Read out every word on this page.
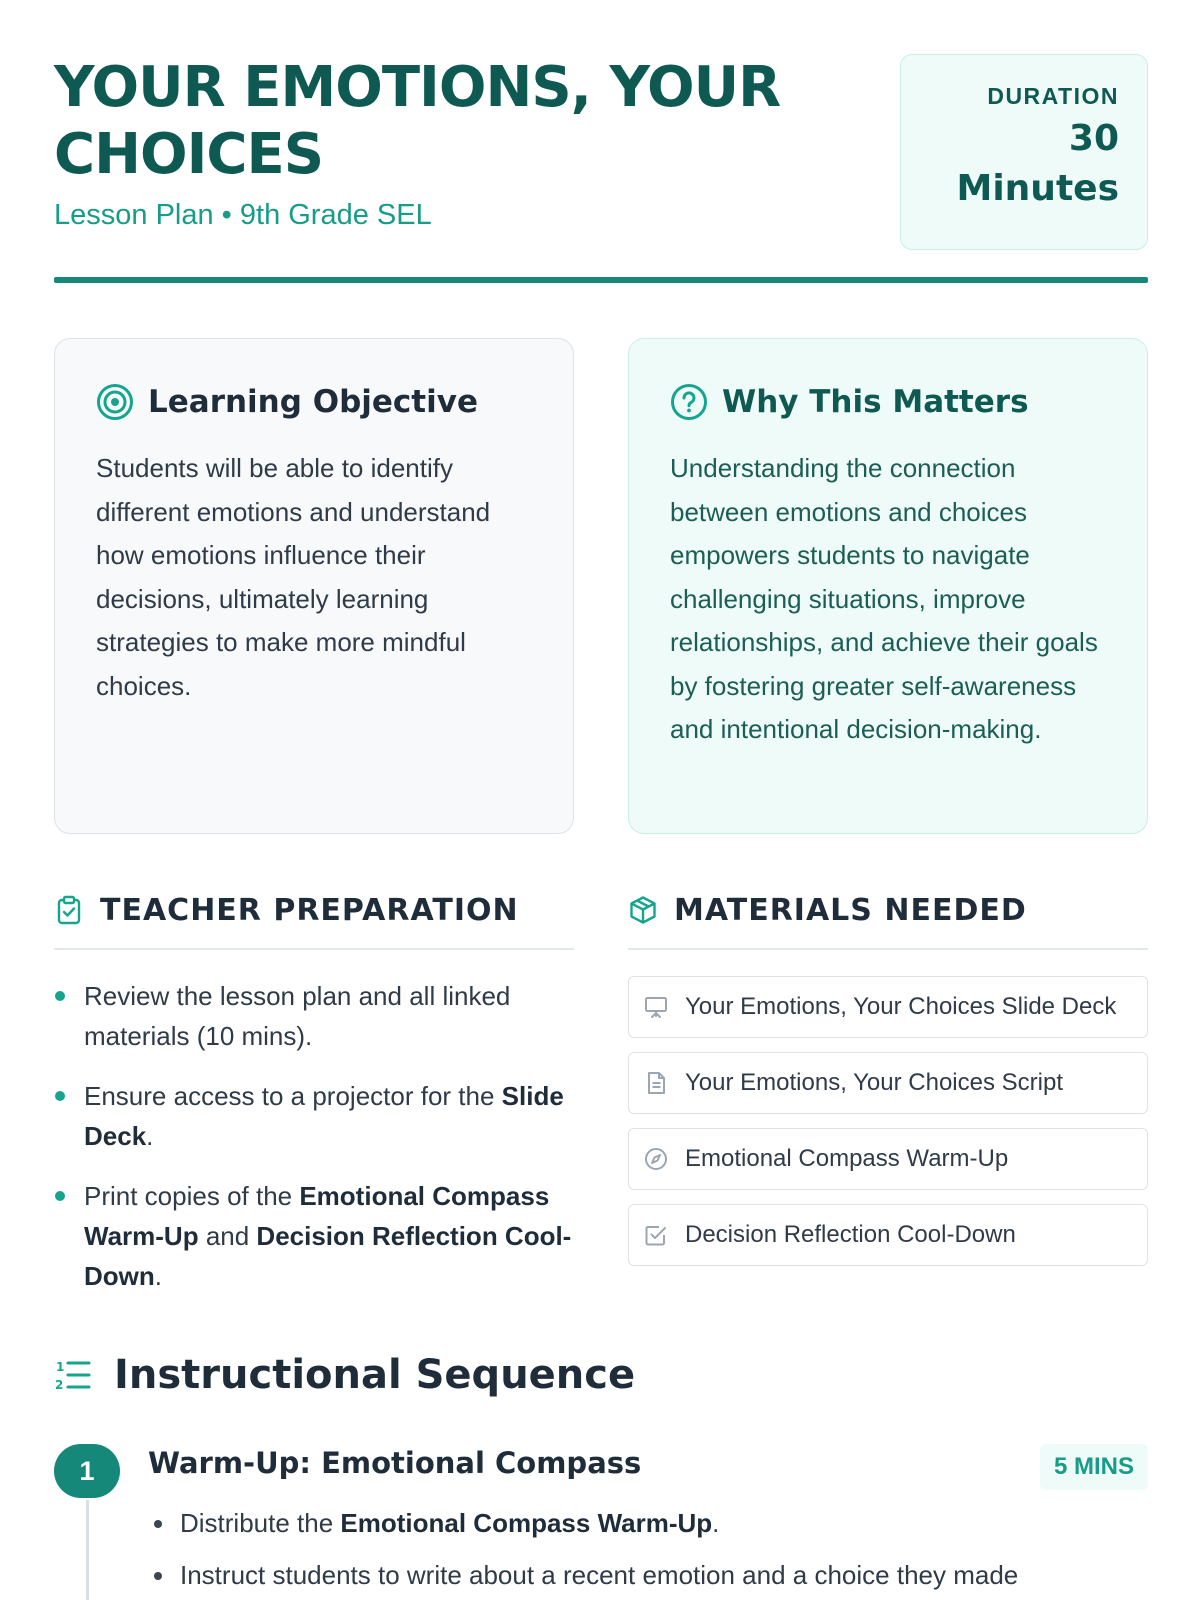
YOUR EMOTIONS, YOUR CHOICES
Lesson Plan • 9th Grade SEL
DURATION
30 Minutes
Learning Objective

Students will be able to identify different emotions and understand how emotions influence their decisions, ultimately learning strategies to make more mindful choices.

Why This Matters

Understanding the connection between emotions and choices empowers students to navigate challenging situations, improve relationships, and achieve their goals by fostering greater self-awareness and intentional decision-making.

TEACHER PREPARATION
Review the lesson plan and all linked materials (10 mins).
Ensure access to a projector for the Slide Deck.
Print copies of the Emotional Compass Warm-Up and Decision Reflection Cool-Down.
MATERIALS NEEDED
Your Emotions, Your Choices Slide Deck
Your Emotions, Your Choices Script
Emotional Compass Warm-Up
Decision Reflection Cool-Down
1
2 Instructional Sequence
1	Warm-Up: Emotional Compass	5 MINS
Distribute the Emotional Compass Warm-Up.
Instruct students to write about a recent emotion and a choice they made
